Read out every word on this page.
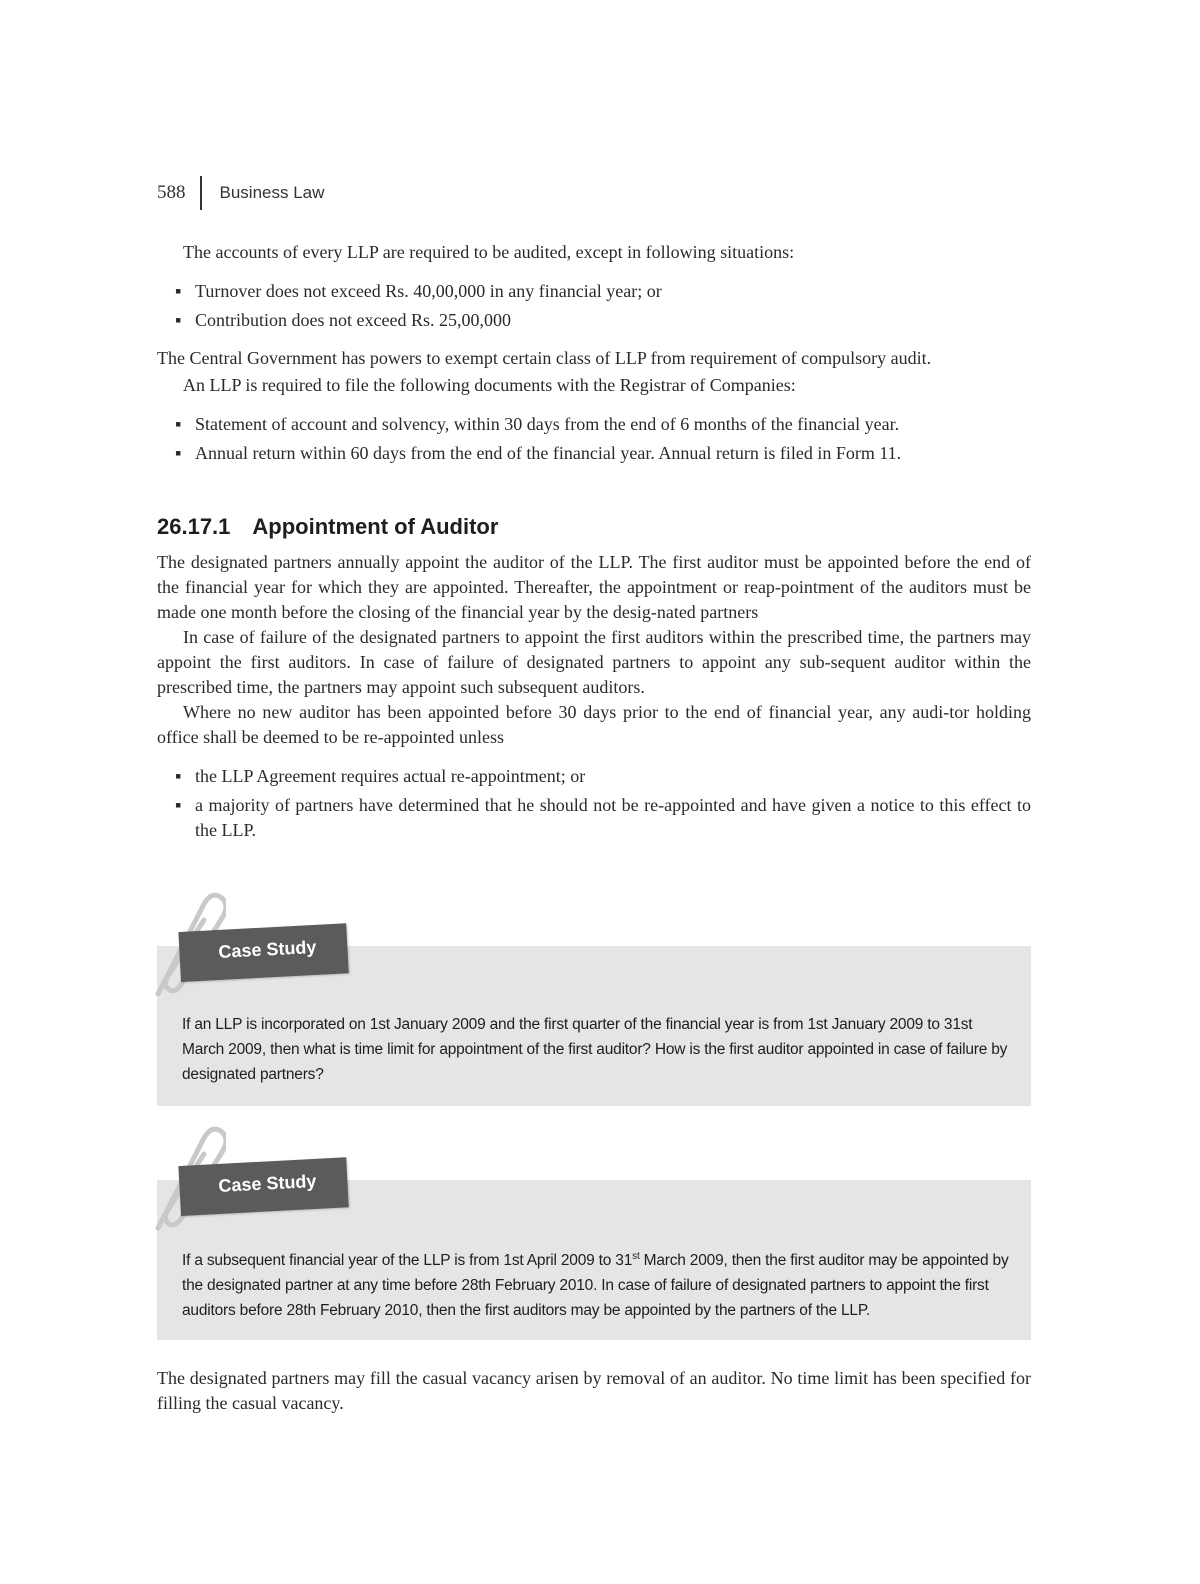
588 Business Law

The accounts of every LLP are required to be audited, except in following situations:

▪ Turnover does not exceed Rs. 40,00,000 in any financial year; or
▪ Contribution does not exceed Rs. 25,00,000

The Central Government has powers to exempt certain class of LLP from requirement of compulsory audit.

An LLP is required to file the following documents with the Registrar of Companies:

▪ Statement of account and solvency, within 30 days from the end of 6 months of the financial year.
▪ Annual return within 60 days from the end of the financial year. Annual return is filed in Form 11.
26.17.1 Appointment of Auditor

The designated partners annually appoint the auditor of the LLP. The first auditor must be appointed before the end of the financial year for which they are appointed. Thereafter, the appointment or reap-pointment of the auditors must be made one month before the closing of the financial year by the desig-nated partners

In case of failure of the designated partners to appoint the first auditors within the prescribed time, the partners may appoint the first auditors. In case of failure of designated partners to appoint any sub-sequent auditor within the prescribed time, the partners may appoint such subsequent auditors.

Where no new auditor has been appointed before 30 days prior to the end of financial year, any audi-tor holding office shall be deemed to be re-appointed unless

▪ the LLP Agreement requires actual re-appointment; or
▪ a majority of partners have determined that he should not be re-appointed and have given a notice to this effect to the LLP.
Case Study
If an LLP is incorporated on 1st January 2009 and the first quarter of the financial year is from 1st January 2009 to 31st March 2009, then what is time limit for appointment of the first auditor? How is the first auditor appointed in case of failure by designated partners?
Case Study
If a subsequent financial year of the LLP is from 1st April 2009 to 31st March 2009, then the first auditor may be appointed by the designated partner at any time before 28th February 2010. In case of failure of designated partners to appoint the first auditors before 28th February 2010, then the first auditors may be appointed by the partners of the LLP.

The designated partners may fill the casual vacancy arisen by removal of an auditor. No time limit has been specified for filling the casual vacancy.
